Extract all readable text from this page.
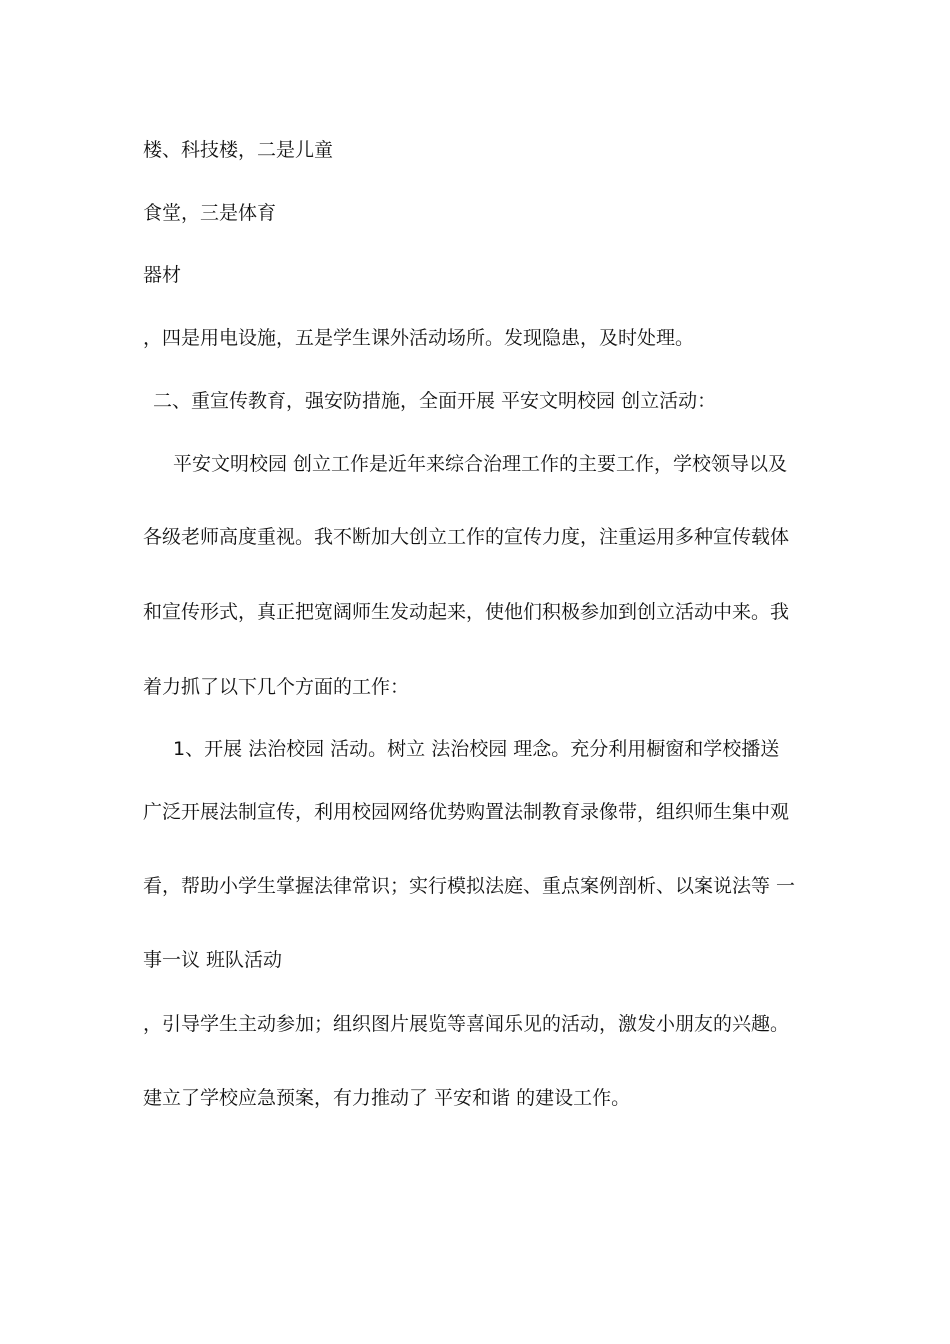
楼、科技楼，二是儿童
食堂，三是体育
器材
，四是用电设施，五是学生课外活动场所。发现隐患，及时处理。
二、重宣传教育，强安防措施，全面开展 平安文明校园 创立活动：
平安文明校园 创立工作是近年来综合治理工作的主要工作，学校领导以及
各级老师高度重视。我不断加大创立工作的宣传力度，注重运用多种宣传载体
和宣传形式，真正把宽阔师生发动起来，使他们积极参加到创立活动中来。我
着力抓了以下几个方面的工作：
1、开展 法治校园 活动。树立 法治校园 理念。充分利用橱窗和学校播送
广泛开展法制宣传，利用校园网络优势购置法制教育录像带，组织师生集中观
看，帮助小学生掌握法律常识；实行模拟法庭、重点案例剖析、以案说法等 一
事一议 班队活动
，引导学生主动参加；组织图片展览等喜闻乐见的活动，激发小朋友的兴趣。
建立了学校应急预案，有力推动了 平安和谐 的建设工作。
